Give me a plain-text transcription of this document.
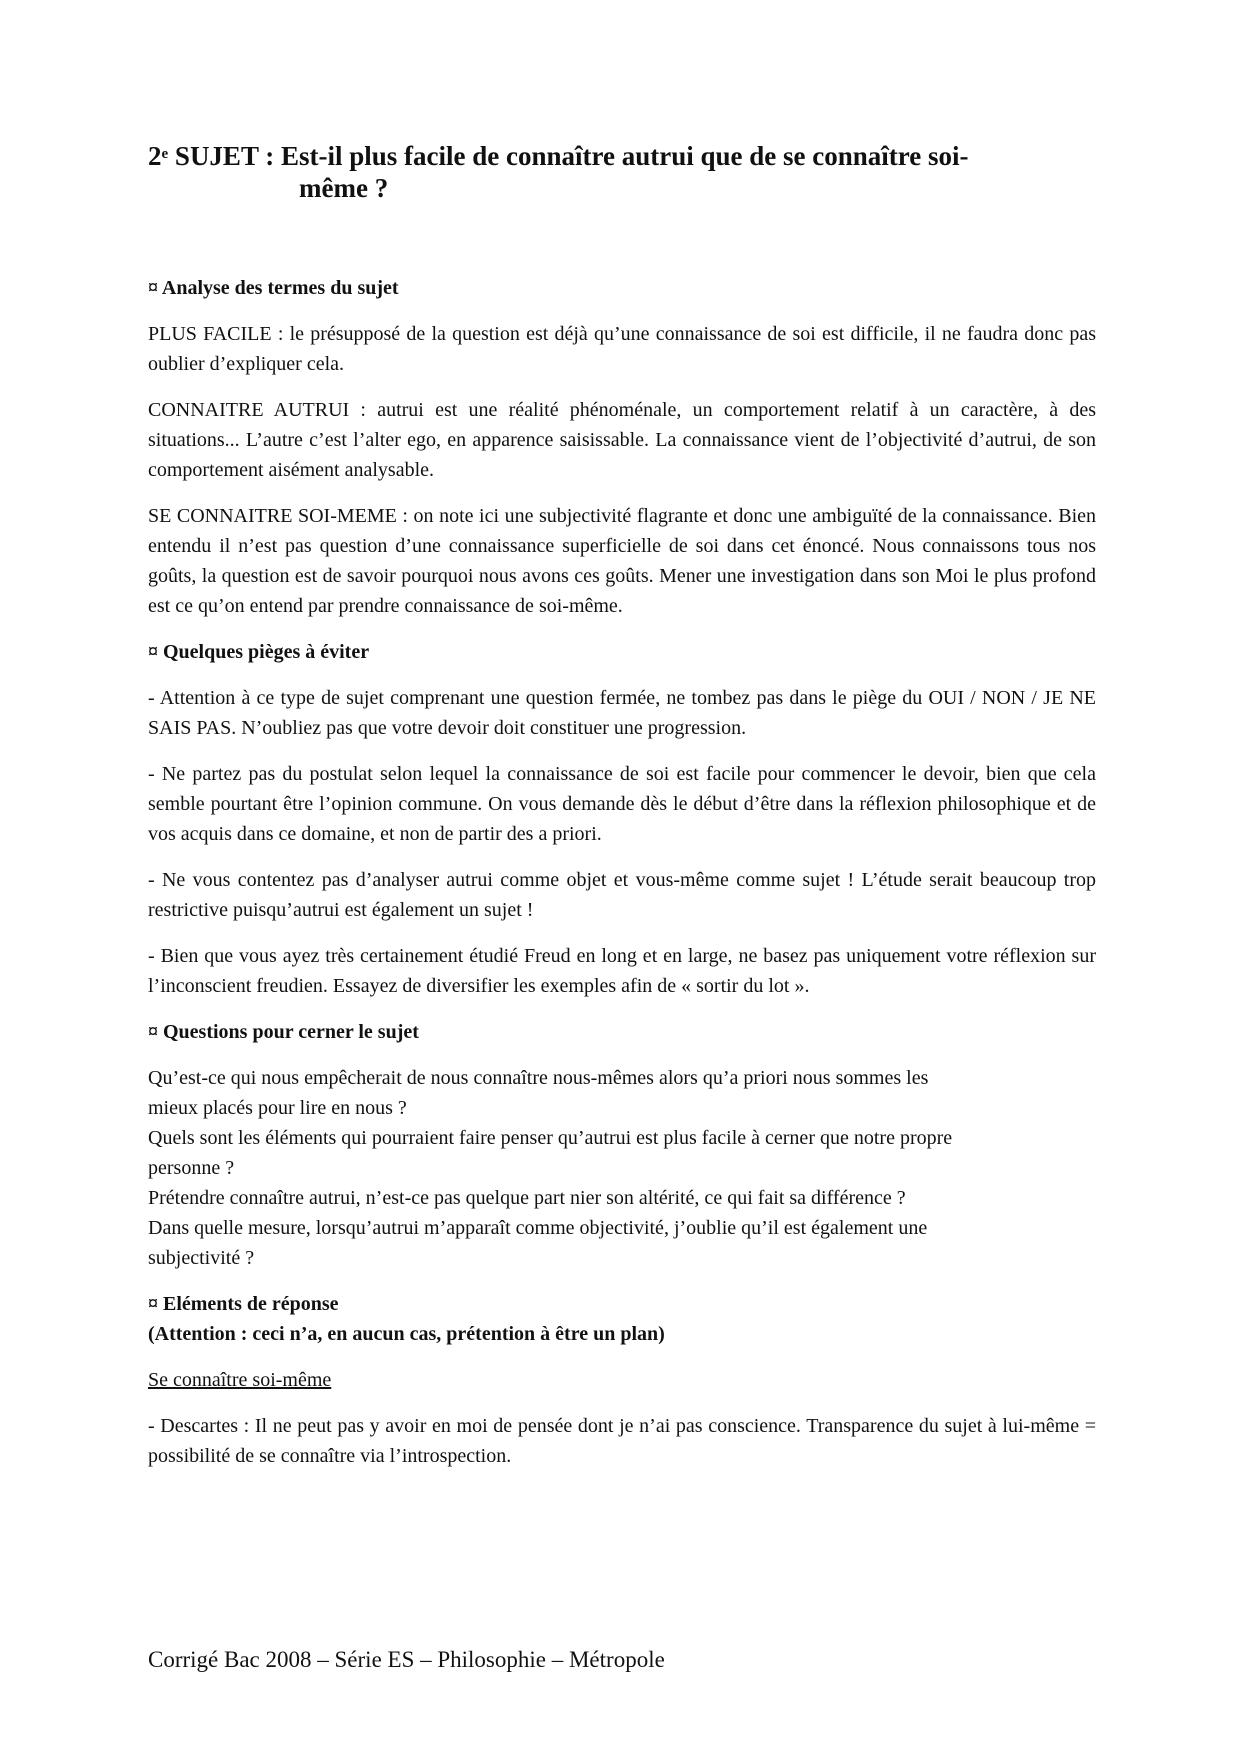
2e SUJET : Est-il plus facile de connaître autrui que de se connaître soi-
même ?
¤ Analyse des termes du sujet

PLUS FACILE : le présupposé de la question est déjà qu’une connaissance de soi est difficile, il ne faudra donc pas oublier d’expliquer cela.

CONNAITRE AUTRUI : autrui est une réalité phénoménale, un comportement relatif à un caractère, à des situations... L’autre c’est l’alter ego, en apparence saisissable. La connaissance vient de l’objectivité d’autrui, de son comportement aisément analysable.

SE CONNAITRE SOI-MEME : on note ici une subjectivité flagrante et donc une ambiguïté de la connaissance. Bien entendu il n’est pas question d’une connaissance superficielle de soi dans cet énoncé. Nous connaissons tous nos goûts, la question est de savoir pourquoi nous avons ces goûts. Mener une investigation dans son Moi le plus profond est ce qu’on entend par prendre connaissance de soi-même.

¤ Quelques pièges à éviter

- Attention à ce type de sujet comprenant une question fermée, ne tombez pas dans le piège du OUI / NON / JE NE SAIS PAS. N’oubliez pas que votre devoir doit constituer une progression.

- Ne partez pas du postulat selon lequel la connaissance de soi est facile pour commencer le devoir, bien que cela semble pourtant être l’opinion commune. On vous demande dès le début d’être dans la réflexion philosophique et de vos acquis dans ce domaine, et non de partir des a priori.

- Ne vous contentez pas d’analyser autrui comme objet et vous-même comme sujet ! L’étude serait beaucoup trop restrictive puisqu’autrui est également un sujet !

- Bien que vous ayez très certainement étudié Freud en long et en large, ne basez pas uniquement votre réflexion sur l’inconscient freudien. Essayez de diversifier les exemples afin de « sortir du lot ».

¤ Questions pour cerner le sujet

Qu’est-ce qui nous empêcherait de nous connaître nous-mêmes alors qu’a priori nous sommes les

mieux placés pour lire en nous ?

Quels sont les éléments qui pourraient faire penser qu’autrui est plus facile à cerner que notre propre

personne ?

Prétendre connaître autrui, n’est-ce pas quelque part nier son altérité, ce qui fait sa différence ?

Dans quelle mesure, lorsqu’autrui m’apparaît comme objectivité, j’oublie qu’il est également une

subjectivité ?

¤ Eléments de réponse
(Attention : ceci n’a, en aucun cas, prétention à être un plan)

Se connaître soi-même

- Descartes : Il ne peut pas y avoir en moi de pensée dont je n’ai pas conscience. Transparence du sujet à lui-même = possibilité de se connaître via l’introspection.

Corrigé Bac 2008 – Série ES – Philosophie – Métropole
